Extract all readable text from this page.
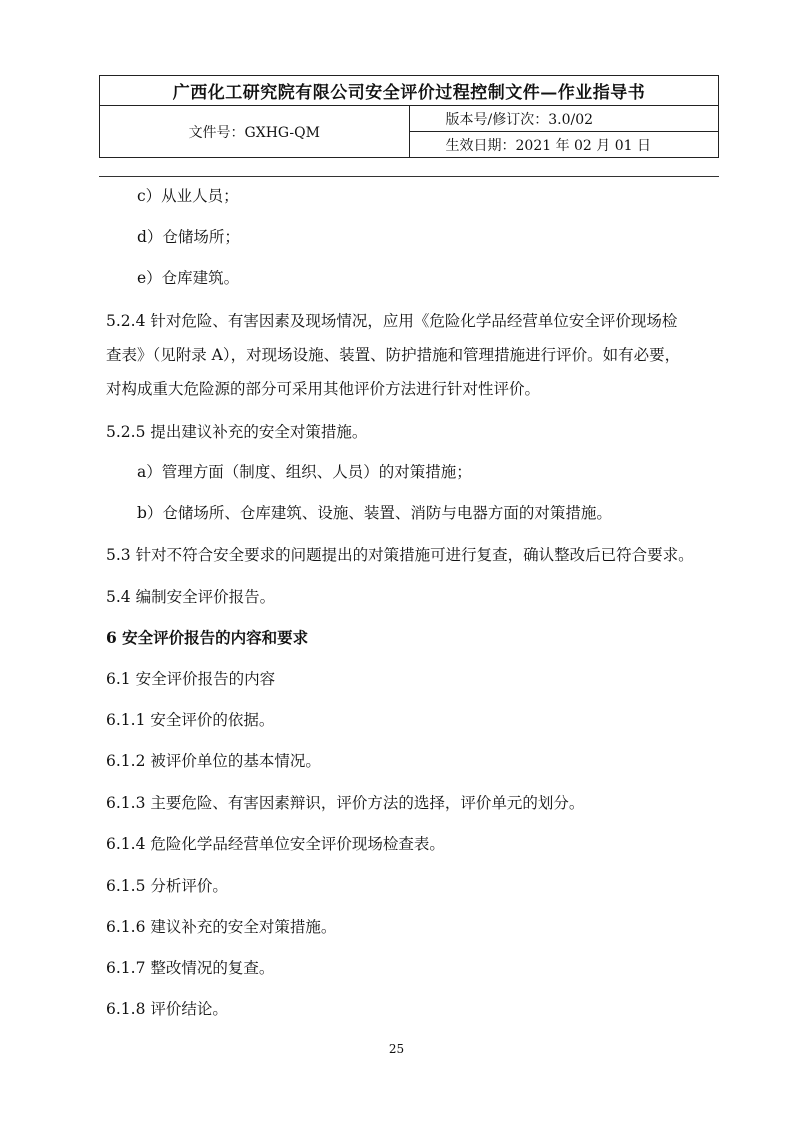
广西化工研究院有限公司安全评价过程控制文件—作业指导书
文件号：GXHG-QM	版本号/修订次：3.0/02
生效日期：2021 年 02 月 01 日
c）从业人员；
d）仓储场所；
e）仓库建筑。
5.2.4 针对危险、有害因素及现场情况，应用《危险化学品经营单位安全评价现场检
查表》（见附录 A），对现场设施、装置、防护措施和管理措施进行评价。如有必要，
对构成重大危险源的部分可采用其他评价方法进行针对性评价。
5.2.5 提出建议补充的安全对策措施。
a）管理方面（制度、组织、人员）的对策措施；
b）仓储场所、仓库建筑、设施、装置、消防与电器方面的对策措施。
5.3 针对不符合安全要求的问题提出的对策措施可进行复查，确认整改后已符合要求。
5.4 编制安全评价报告。
6 安全评价报告的内容和要求
6.1 安全评价报告的内容
6.1.1 安全评价的依据。
6.1.2 被评价单位的基本情况。
6.1.3 主要危险、有害因素辩识，评价方法的选择，评价单元的划分。
6.1.4 危险化学品经营单位安全评价现场检查表。
6.1.5 分析评价。
6.1.6 建议补充的安全对策措施。
6.1.7 整改情况的复查。
6.1.8 评价结论。
25
